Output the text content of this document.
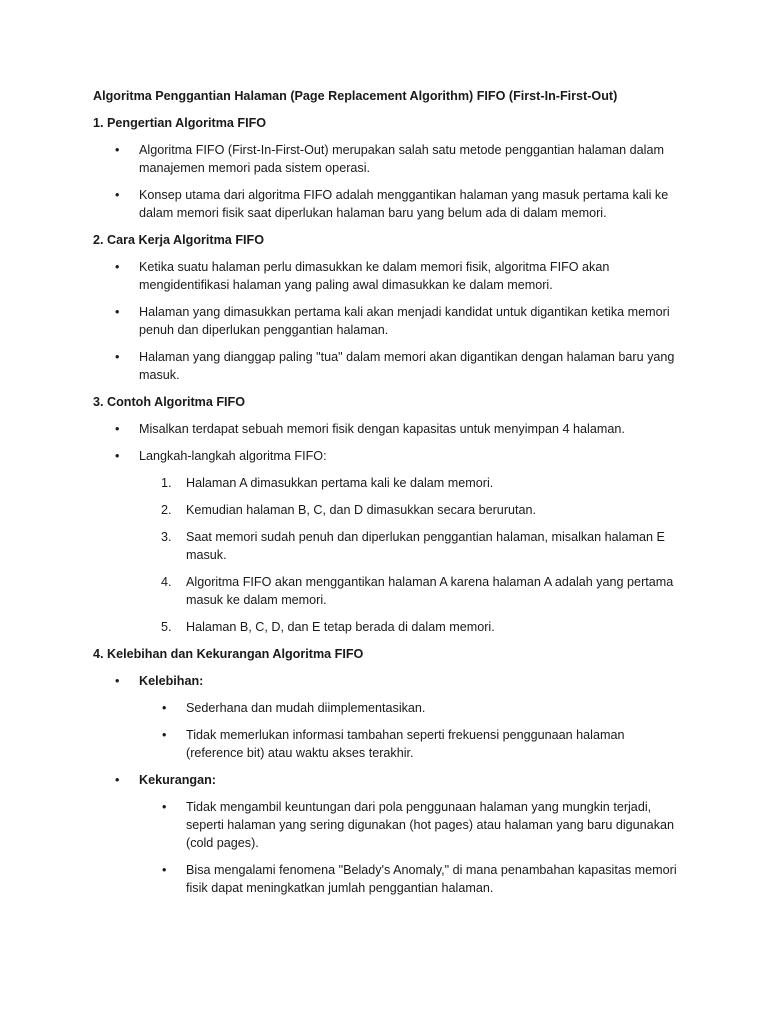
Algoritma Penggantian Halaman (Page Replacement Algorithm) FIFO (First-In-First-Out)

1. Pengertian Algoritma FIFO

• Algoritma FIFO (First-In-First-Out) merupakan salah satu metode penggantian halaman dalam manajemen memori pada sistem operasi.
• Konsep utama dari algoritma FIFO adalah menggantikan halaman yang masuk pertama kali ke dalam memori fisik saat diperlukan halaman baru yang belum ada di dalam memori.

2. Cara Kerja Algoritma FIFO

• Ketika suatu halaman perlu dimasukkan ke dalam memori fisik, algoritma FIFO akan mengidentifikasi halaman yang paling awal dimasukkan ke dalam memori.
• Halaman yang dimasukkan pertama kali akan menjadi kandidat untuk digantikan ketika memori penuh dan diperlukan penggantian halaman.
• Halaman yang dianggap paling "tua" dalam memori akan digantikan dengan halaman baru yang masuk.

3. Contoh Algoritma FIFO

• Misalkan terdapat sebuah memori fisik dengan kapasitas untuk menyimpan 4 halaman.
• Langkah-langkah algoritma FIFO:
1. Halaman A dimasukkan pertama kali ke dalam memori.
2. Kemudian halaman B, C, dan D dimasukkan secara berurutan.
3. Saat memori sudah penuh dan diperlukan penggantian halaman, misalkan halaman E masuk.
4. Algoritma FIFO akan menggantikan halaman A karena halaman A adalah yang pertama masuk ke dalam memori.
5. Halaman B, C, D, dan E tetap berada di dalam memori.

4. Kelebihan dan Kekurangan Algoritma FIFO

• Kelebihan:
• Sederhana dan mudah diimplementasikan.
• Tidak memerlukan informasi tambahan seperti frekuensi penggunaan halaman (reference bit) atau waktu akses terakhir.
• Kekurangan:
• Tidak mengambil keuntungan dari pola penggunaan halaman yang mungkin terjadi, seperti halaman yang sering digunakan (hot pages) atau halaman yang baru digunakan (cold pages).
• Bisa mengalami fenomena "Belady's Anomaly," di mana penambahan kapasitas memori fisik dapat meningkatkan jumlah penggantian halaman.
